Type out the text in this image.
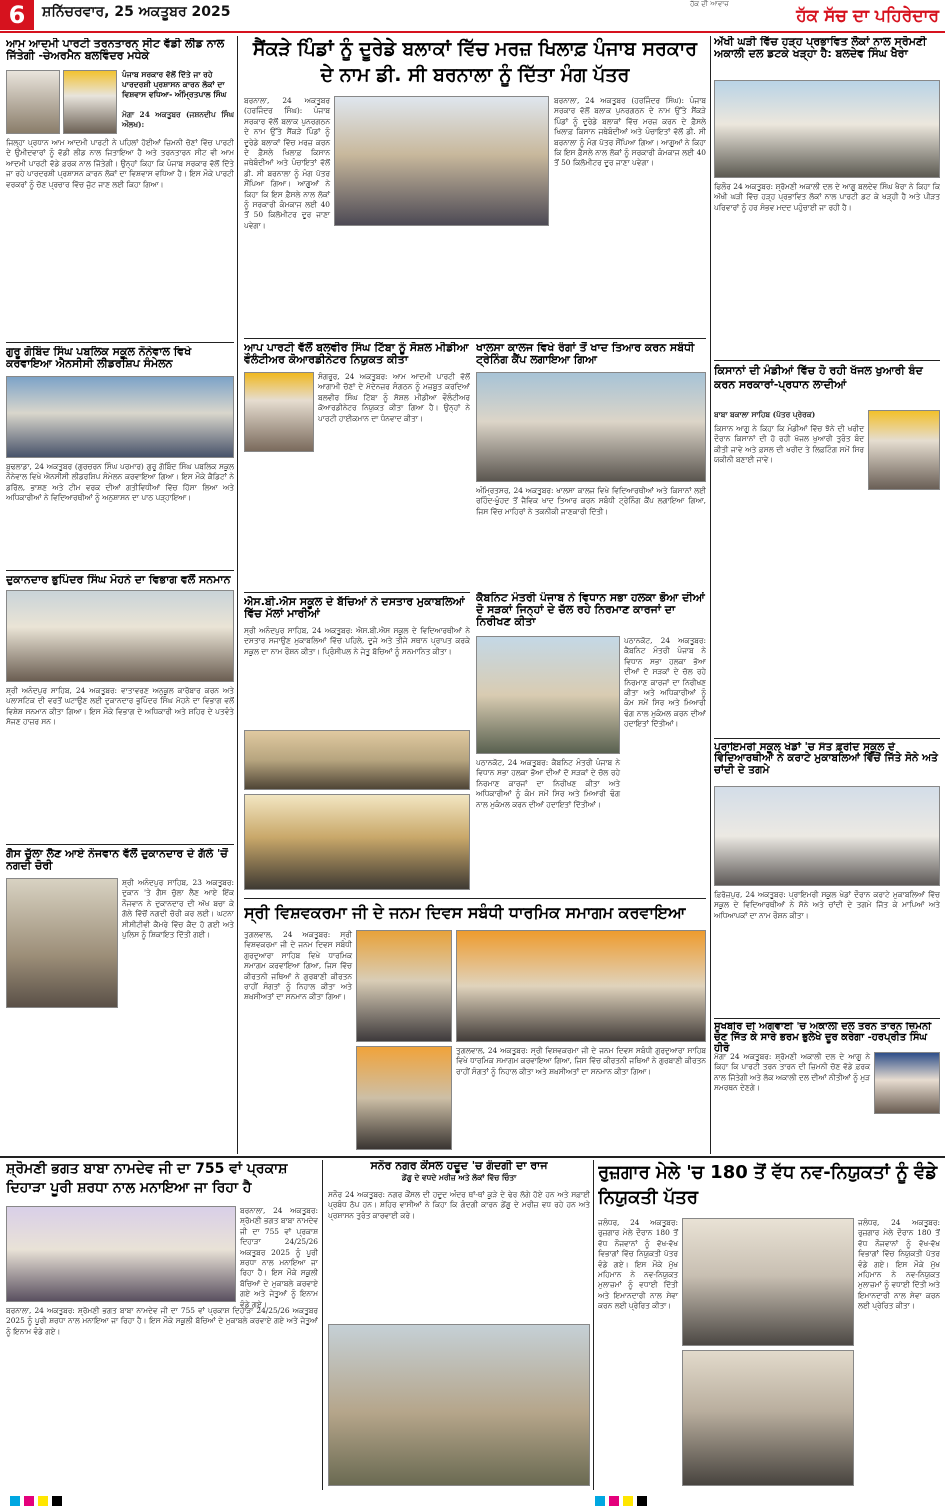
6	ਸ਼ਨਿੱਚਰਵਾਰ, 25 ਅਕਤੂਬਰ 2025	ਹੱਕ ਦੀ ਆਵਾਜ਼
ਹੱਕ ਸੱਚ ਦਾ ਪਹਿਰੇਦਾਰ
ਆਮ ਆਦਮੀ ਪਾਰਟੀ ਤਰਨਤਾਰਨ ਸੀਟ ਵੱਡੀ ਲੀਡ ਨਾਲ ਜਿੱਤੇਗੀ -ਚੇਅਰਮੈਨ ਬਲਵਿੰਦਰ ਮਧੇਕੇ
ਪੰਜਾਬ ਸਰਕਾਰ ਵੱਲੋਂ ਦਿੱਤੇ ਜਾ ਰਹੇ ਪਾਰਦਰਸ਼ੀ ਪ੍ਰਸ਼ਾਸਨ ਕਾਰਨ ਲੋਕਾਂ ਦਾ ਵਿਸ਼ਵਾਸ ਵਧਿਆ- ਅੰਮ੍ਰਿਤਪਾਲ ਸਿੰਘ
ਮੋਗਾ 24 ਅਕਤੂਬਰ (ਜਸ਼ਨਦੀਪ ਸਿੰਘ ਔਲਖ):
ਜਿਲ੍ਹਾ ਪ੍ਰਧਾਨ ਆਮ ਆਦਮੀ ਪਾਰਟੀ ਨੇ ਪਹਿਲਾਂ ਹੋਈਆਂ ਜ਼ਿਮਨੀ ਚੋਣਾਂ ਵਿੱਚ ਪਾਰਟੀ ਦੇ ਉਮੀਦਵਾਰਾਂ ਨੂੰ ਵੱਡੀ ਲੀਡ ਨਾਲ ਜਿਤਾਇਆ ਹੈ ਅਤੇ ਤਰਨਤਾਰਨ ਸੀਟ ਵੀ ਆਮ ਆਦਮੀ ਪਾਰਟੀ ਵੱਡੇ ਫ਼ਰਕ ਨਾਲ ਜਿੱਤੇਗੀ। ਉਨ੍ਹਾਂ ਕਿਹਾ ਕਿ ਪੰਜਾਬ ਸਰਕਾਰ ਵੱਲੋਂ ਦਿੱਤੇ ਜਾ ਰਹੇ ਪਾਰਦਰਸ਼ੀ ਪ੍ਰਸ਼ਾਸਨ ਕਾਰਨ ਲੋਕਾਂ ਦਾ ਵਿਸ਼ਵਾਸ ਵਧਿਆ ਹੈ। ਇਸ ਮੌਕੇ ਪਾਰਟੀ ਵਰਕਰਾਂ ਨੂੰ ਚੋਣ ਪ੍ਰਚਾਰ ਵਿੱਚ ਜੁੱਟ ਜਾਣ ਲਈ ਕਿਹਾ ਗਿਆ।
ਗੁਰੂ ਗੋਬਿੰਦ ਸਿੰਘ ਪਬਲਿਕ ਸਕੂਲ ਨੌਨੇਵਾਲ ਵਿਖੇ ਕਰਵਾਇਆ ਐਨਸੀਸੀ ਲੀਡਰਸ਼ਿਪ ਸੰਮੇਲਨ
ਬੁਢਲਾਡਾ, 24 ਅਕਤੂਬਰ (ਗੁਰਚਰਨ ਸਿੰਘ ਪਰਮਾਰ) ਗੁਰੂ ਗੋਬਿੰਦ ਸਿੰਘ ਪਬਲਿਕ ਸਕੂਲ ਨੌਨੇਵਾਲ ਵਿਖੇ ਐਨਸੀਸੀ ਲੀਡਰਸ਼ਿਪ ਸੰਮੇਲਨ ਕਰਵਾਇਆ ਗਿਆ। ਇਸ ਮੌਕੇ ਕੈਡਿਟਾਂ ਨੇ ਡਰਿੱਲ, ਭਾਸ਼ਣ ਅਤੇ ਟੀਮ ਵਰਕ ਦੀਆਂ ਗਤੀਵਿਧੀਆਂ ਵਿੱਚ ਹਿੱਸਾ ਲਿਆ ਅਤੇ ਅਧਿਕਾਰੀਆਂ ਨੇ ਵਿਦਿਆਰਥੀਆਂ ਨੂੰ ਅਨੁਸ਼ਾਸਨ ਦਾ ਪਾਠ ਪੜ੍ਹਾਇਆ।
ਦੁਕਾਨਦਾਰ ਭੁਪਿੰਦਰ ਸਿੰਘ ਮੋਹਨੇ ਦਾ ਵਿਭਾਗ ਵਲੋਂ ਸਨਮਾਨ
ਸ਼੍ਰੀ ਅਨੰਦਪੁਰ ਸਾਹਿਬ, 24 ਅਕਤੂਬਰ: ਵਾਤਾਵਰਣ ਅਨੁਕੂਲ ਕਾਰੋਬਾਰ ਕਰਨ ਅਤੇ ਪਲਾਸਟਿਕ ਦੀ ਵਰਤੋਂ ਘਟਾਉਣ ਲਈ ਦੁਕਾਨਦਾਰ ਭੁਪਿੰਦਰ ਸਿੰਘ ਮੋਹਨੇ ਦਾ ਵਿਭਾਗ ਵਲੋਂ ਵਿਸ਼ੇਸ਼ ਸਨਮਾਨ ਕੀਤਾ ਗਿਆ। ਇਸ ਮੌਕੇ ਵਿਭਾਗ ਦੇ ਅਧਿਕਾਰੀ ਅਤੇ ਸ਼ਹਿਰ ਦੇ ਪਤਵੰਤੇ ਸੱਜਣ ਹਾਜ਼ਰ ਸਨ।
ਗੈਸ ਚੁੱਲਾ ਲੈਣ ਆਏ ਨੌਜਵਾਨ ਵੱਲੋਂ ਦੁਕਾਨਦਾਰ ਦੇ ਗੱਲੇ 'ਚੋਂ ਨਗਦੀ ਚੋਰੀ
ਸ਼੍ਰੀ ਅਨੰਦਪੁਰ ਸਾਹਿਬ, 23 ਅਕਤੂਬਰ: ਦੁਕਾਨ 'ਤੇ ਗੈਸ ਚੁੱਲਾ ਲੈਣ ਆਏ ਇੱਕ ਨੌਜਵਾਨ ਨੇ ਦੁਕਾਨਦਾਰ ਦੀ ਅੱਖ ਬਚਾ ਕੇ ਗੱਲੇ ਵਿੱਚੋਂ ਨਗਦੀ ਚੋਰੀ ਕਰ ਲਈ। ਘਟਨਾ ਸੀਸੀਟੀਵੀ ਕੈਮਰੇ ਵਿੱਚ ਕੈਦ ਹੋ ਗਈ ਅਤੇ ਪੁਲਿਸ ਨੂੰ ਸ਼ਿਕਾਇਤ ਦਿੱਤੀ ਗਈ।
ਸੈਂਕੜੇ ਪਿੰਡਾਂ ਨੂੰ ਦੂਰੇਡੇ ਬਲਾਕਾਂ ਵਿੱਚ ਮਰਜ਼ ਖਿਲਾਫ਼ ਪੰਜਾਬ ਸਰਕਾਰ ਦੇ ਨਾਮ ਡੀ. ਸੀ ਬਰਨਾਲਾ ਨੂੰ ਦਿੱਤਾ ਮੰਗ ਪੱਤਰ
ਬਰਨਾਲਾ, 24 ਅਕਤੂਬਰ (ਹਰਜਿੰਦਰ ਸਿੰਘ): ਪੰਜਾਬ ਸਰਕਾਰ ਵੱਲੋਂ ਬਲਾਕ ਪੁਨਰਗਠਨ ਦੇ ਨਾਮ ਉੱਤੇ ਸੈਂਕੜੇ ਪਿੰਡਾਂ ਨੂੰ ਦੂਰੇਡੇ ਬਲਾਕਾਂ ਵਿੱਚ ਮਰਜ਼ ਕਰਨ ਦੇ ਫ਼ੈਸਲੇ ਖਿਲਾਫ਼ ਕਿਸਾਨ ਜਥੇਬੰਦੀਆਂ ਅਤੇ ਪੰਚਾਇਤਾਂ ਵੱਲੋਂ ਡੀ. ਸੀ ਬਰਨਾਲਾ ਨੂੰ ਮੰਗ ਪੱਤਰ ਸੌਂਪਿਆ ਗਿਆ। ਆਗੂਆਂ ਨੇ ਕਿਹਾ ਕਿ ਇਸ ਫ਼ੈਸਲੇ ਨਾਲ ਲੋਕਾਂ ਨੂੰ ਸਰਕਾਰੀ ਕੰਮਕਾਜ ਲਈ 40 ਤੋਂ 50 ਕਿਲੋਮੀਟਰ ਦੂਰ ਜਾਣਾ ਪਵੇਗਾ।
ਬਰਨਾਲਾ, 24 ਅਕਤੂਬਰ (ਹਰਜਿੰਦਰ ਸਿੰਘ): ਪੰਜਾਬ ਸਰਕਾਰ ਵੱਲੋਂ ਬਲਾਕ ਪੁਨਰਗਠਨ ਦੇ ਨਾਮ ਉੱਤੇ ਸੈਂਕੜੇ ਪਿੰਡਾਂ ਨੂੰ ਦੂਰੇਡੇ ਬਲਾਕਾਂ ਵਿੱਚ ਮਰਜ਼ ਕਰਨ ਦੇ ਫ਼ੈਸਲੇ ਖਿਲਾਫ਼ ਕਿਸਾਨ ਜਥੇਬੰਦੀਆਂ ਅਤੇ ਪੰਚਾਇਤਾਂ ਵੱਲੋਂ ਡੀ. ਸੀ ਬਰਨਾਲਾ ਨੂੰ ਮੰਗ ਪੱਤਰ ਸੌਂਪਿਆ ਗਿਆ। ਆਗੂਆਂ ਨੇ ਕਿਹਾ ਕਿ ਇਸ ਫ਼ੈਸਲੇ ਨਾਲ ਲੋਕਾਂ ਨੂੰ ਸਰਕਾਰੀ ਕੰਮਕਾਜ ਲਈ 40 ਤੋਂ 50 ਕਿਲੋਮੀਟਰ ਦੂਰ ਜਾਣਾ ਪਵੇਗਾ।
ਆਪ ਪਾਰਟੀ ਵੱਲੋਂ ਬਲਵੀਰ ਸਿੰਘ ਟਿੱਬਾ ਨੂੰ ਸੋਸ਼ਲ ਮੀਡੀਆ ਵੌਲੰਟੀਅਰ ਕੋਆਰਡੀਨੇਟਰ ਨਿਯੁਕਤ ਕੀਤਾ
ਸੰਗਰੂਰ, 24 ਅਕਤੂਬਰ: ਆਮ ਆਦਮੀ ਪਾਰਟੀ ਵੱਲੋਂ ਆਗਾਮੀ ਚੋਣਾਂ ਦੇ ਮੱਦੇਨਜ਼ਰ ਸੰਗਠਨ ਨੂੰ ਮਜ਼ਬੂਤ ਕਰਦਿਆਂ ਬਲਵੀਰ ਸਿੰਘ ਟਿੱਬਾ ਨੂੰ ਸੋਸ਼ਲ ਮੀਡੀਆ ਵੌਲੰਟੀਅਰ ਕੋਆਰਡੀਨੇਟਰ ਨਿਯੁਕਤ ਕੀਤਾ ਗਿਆ ਹੈ। ਉਨ੍ਹਾਂ ਨੇ ਪਾਰਟੀ ਹਾਈਕਮਾਨ ਦਾ ਧੰਨਵਾਦ ਕੀਤਾ।
ਖਾਲਸਾ ਕਾਲਜ ਵਿਖੇ ਰੰਗਾਂ ਤੋਂ ਖਾਦ ਤਿਆਰ ਕਰਨ ਸਬੰਧੀ ਟ੍ਰੇਨਿੰਗ ਕੈਂਪ ਲਗਾਇਆ ਗਿਆ
ਅੰਮ੍ਰਿਤਸਰ, 24 ਅਕਤੂਬਰ: ਖਾਲਸਾ ਕਾਲਜ ਵਿਖੇ ਵਿਦਿਆਰਥੀਆਂ ਅਤੇ ਕਿਸਾਨਾਂ ਲਈ ਰਹਿੰਦ-ਖੂੰਹਦ ਤੋਂ ਜੈਵਿਕ ਖਾਦ ਤਿਆਰ ਕਰਨ ਸਬੰਧੀ ਟ੍ਰੇਨਿੰਗ ਕੈਂਪ ਲਗਾਇਆ ਗਿਆ, ਜਿਸ ਵਿੱਚ ਮਾਹਿਰਾਂ ਨੇ ਤਕਨੀਕੀ ਜਾਣਕਾਰੀ ਦਿੱਤੀ।
ਐਸ.ਬੀ.ਐਸ ਸਕੂਲ ਦੇ ਬੱਚਿਆਂ ਨੇ ਦਸਤਾਰ ਮੁਕਾਬਲਿਆਂ ਵਿੱਚ ਮੱਲਾਂ ਮਾਰੀਆਂ
ਸ੍ਰੀ ਅਨੰਦਪੁਰ ਸਾਹਿਬ, 24 ਅਕਤੂਬਰ: ਐਸ.ਬੀ.ਐਸ ਸਕੂਲ ਦੇ ਵਿਦਿਆਰਥੀਆਂ ਨੇ ਦਸਤਾਰ ਸਜਾਉਣ ਮੁਕਾਬਲਿਆਂ ਵਿੱਚ ਪਹਿਲੇ, ਦੂਜੇ ਅਤੇ ਤੀਜੇ ਸਥਾਨ ਪ੍ਰਾਪਤ ਕਰਕੇ ਸਕੂਲ ਦਾ ਨਾਮ ਰੌਸ਼ਨ ਕੀਤਾ। ਪ੍ਰਿੰਸੀਪਲ ਨੇ ਜੇਤੂ ਬੱਚਿਆਂ ਨੂੰ ਸਨਮਾਨਿਤ ਕੀਤਾ।
ਕੈਬਨਿਟ ਮੰਤਰੀ ਪੰਜਾਬ ਨੇ ਵਿਧਾਨ ਸਭਾ ਹਲਕਾ ਭੋਆ ਦੀਆਂ ਦੋ ਸੜਕਾਂ ਜਿਨ੍ਹਾਂ ਦੇ ਚੱਲ ਰਹੇ ਨਿਰਮਾਣ ਕਾਰਜਾਂ ਦਾ ਨਿਰੀਖਣ ਕੀਤਾ
ਪਠਾਨਕੋਟ, 24 ਅਕਤੂਬਰ: ਕੈਬਨਿਟ ਮੰਤਰੀ ਪੰਜਾਬ ਨੇ ਵਿਧਾਨ ਸਭਾ ਹਲਕਾ ਭੋਆ ਦੀਆਂ ਦੋ ਸੜਕਾਂ ਦੇ ਚੱਲ ਰਹੇ ਨਿਰਮਾਣ ਕਾਰਜਾਂ ਦਾ ਨਿਰੀਖਣ ਕੀਤਾ ਅਤੇ ਅਧਿਕਾਰੀਆਂ ਨੂੰ ਕੰਮ ਸਮੇਂ ਸਿਰ ਅਤੇ ਮਿਆਰੀ ਢੰਗ ਨਾਲ ਮੁਕੰਮਲ ਕਰਨ ਦੀਆਂ ਹਦਾਇਤਾਂ ਦਿੱਤੀਆਂ।
ਪਠਾਨਕੋਟ, 24 ਅਕਤੂਬਰ: ਕੈਬਨਿਟ ਮੰਤਰੀ ਪੰਜਾਬ ਨੇ ਵਿਧਾਨ ਸਭਾ ਹਲਕਾ ਭੋਆ ਦੀਆਂ ਦੋ ਸੜਕਾਂ ਦੇ ਚੱਲ ਰਹੇ ਨਿਰਮਾਣ ਕਾਰਜਾਂ ਦਾ ਨਿਰੀਖਣ ਕੀਤਾ ਅਤੇ ਅਧਿਕਾਰੀਆਂ ਨੂੰ ਕੰਮ ਸਮੇਂ ਸਿਰ ਅਤੇ ਮਿਆਰੀ ਢੰਗ ਨਾਲ ਮੁਕੰਮਲ ਕਰਨ ਦੀਆਂ ਹਦਾਇਤਾਂ ਦਿੱਤੀਆਂ।
ਸ੍ਰੀ ਵਿਸ਼ਵਕਰਮਾ ਜੀ ਦੇ ਜਨਮ ਦਿਵਸ ਸਬੰਧੀ ਧਾਰਮਿਕ ਸਮਾਗਮ ਕਰਵਾਇਆ
ਤੁਗਲਵਾਲ, 24 ਅਕਤੂਬਰ: ਸ੍ਰੀ ਵਿਸ਼ਵਕਰਮਾ ਜੀ ਦੇ ਜਨਮ ਦਿਵਸ ਸਬੰਧੀ ਗੁਰਦੁਆਰਾ ਸਾਹਿਬ ਵਿਖੇ ਧਾਰਮਿਕ ਸਮਾਗਮ ਕਰਵਾਇਆ ਗਿਆ, ਜਿਸ ਵਿੱਚ ਕੀਰਤਨੀ ਜਥਿਆਂ ਨੇ ਗੁਰਬਾਣੀ ਕੀਰਤਨ ਰਾਹੀਂ ਸੰਗਤਾਂ ਨੂੰ ਨਿਹਾਲ ਕੀਤਾ ਅਤੇ ਸ਼ਖ਼ਸੀਅਤਾਂ ਦਾ ਸਨਮਾਨ ਕੀਤਾ ਗਿਆ।
ਤੁਗਲਵਾਲ, 24 ਅਕਤੂਬਰ: ਸ੍ਰੀ ਵਿਸ਼ਵਕਰਮਾ ਜੀ ਦੇ ਜਨਮ ਦਿਵਸ ਸਬੰਧੀ ਗੁਰਦੁਆਰਾ ਸਾਹਿਬ ਵਿਖੇ ਧਾਰਮਿਕ ਸਮਾਗਮ ਕਰਵਾਇਆ ਗਿਆ, ਜਿਸ ਵਿੱਚ ਕੀਰਤਨੀ ਜਥਿਆਂ ਨੇ ਗੁਰਬਾਣੀ ਕੀਰਤਨ ਰਾਹੀਂ ਸੰਗਤਾਂ ਨੂੰ ਨਿਹਾਲ ਕੀਤਾ ਅਤੇ ਸ਼ਖ਼ਸੀਅਤਾਂ ਦਾ ਸਨਮਾਨ ਕੀਤਾ ਗਿਆ।
ਅੱਖੀ ਘੜੀ ਵਿੱਚ ਹੜ੍ਹ ਪ੍ਰਭਾਵਿਤ ਲੋਕਾਂ ਨਾਲ ਸ੍ਰੋਮਣੀ ਅਕਾਲੀ ਦਲ ਡਟਕੇ ਖੜ੍ਹਾ ਹੈ: ਬਲਦੇਵ ਸਿੰਘ ਖੈਰਾ
ਫਿਲੌਰ 24 ਅਕਤੂਬਰ: ਸ਼੍ਰੋਮਣੀ ਅਕਾਲੀ ਦਲ ਦੇ ਆਗੂ ਬਲਦੇਵ ਸਿੰਘ ਖੈਰਾ ਨੇ ਕਿਹਾ ਕਿ ਅੱਖੀ ਘੜੀ ਵਿੱਚ ਹੜ੍ਹ ਪ੍ਰਭਾਵਿਤ ਲੋਕਾਂ ਨਾਲ ਪਾਰਟੀ ਡਟ ਕੇ ਖੜ੍ਹੀ ਹੈ ਅਤੇ ਪੀੜਤ ਪਰਿਵਾਰਾਂ ਨੂੰ ਹਰ ਸੰਭਵ ਮਦਦ ਪਹੁੰਚਾਈ ਜਾ ਰਹੀ ਹੈ।
ਕਿਸਾਨਾਂ ਦੀ ਮੰਡੀਆਂ ਵਿੱਚ ਹੋ ਰਹੀ ਖੱਜਲ ਖੁਆਰੀ ਬੰਦ ਕਰਨ ਸਰਕਾਰਾਂ-ਪ੍ਰਧਾਨ ਲਾਦੀਆਂ
ਬਾਬਾ ਬਕਾਲਾ ਸਾਹਿਬ (ਪੱਤਰ ਪ੍ਰੇਰਕ)
ਕਿਸਾਨ ਆਗੂ ਨੇ ਕਿਹਾ ਕਿ ਮੰਡੀਆਂ ਵਿੱਚ ਝੋਨੇ ਦੀ ਖਰੀਦ ਦੌਰਾਨ ਕਿਸਾਨਾਂ ਦੀ ਹੋ ਰਹੀ ਖੱਜਲ ਖੁਆਰੀ ਤੁਰੰਤ ਬੰਦ ਕੀਤੀ ਜਾਵੇ ਅਤੇ ਫ਼ਸਲ ਦੀ ਖਰੀਦ ਤੇ ਲਿਫ਼ਟਿੰਗ ਸਮੇਂ ਸਿਰ ਯਕੀਨੀ ਬਣਾਈ ਜਾਵੇ।
ਪ੍ਰਾਇਮਰੀ ਸਕੂਲ ਖੇਡਾਂ 'ਚ ਸੰਤ ਫ਼ਰੀਦ ਸਕੂਲ ਦੇ ਵਿਦਿਆਰਥੀਆਂ ਨੇ ਕਰਾਟੇ ਮੁਕਾਬਲਿਆਂ ਵਿੱਚੋਂ ਜਿੱਤੇ ਸੋਨੇ ਅਤੇ ਚਾਂਦੀ ਦੇ ਤਗਮੇ
ਫ਼ਿਰੋਜ਼ਪੁਰ, 24 ਅਕਤੂਬਰ: ਪ੍ਰਾਇਮਰੀ ਸਕੂਲ ਖੇਡਾਂ ਦੌਰਾਨ ਕਰਾਟੇ ਮੁਕਾਬਲਿਆਂ ਵਿੱਚ ਸਕੂਲ ਦੇ ਵਿਦਿਆਰਥੀਆਂ ਨੇ ਸੋਨੇ ਅਤੇ ਚਾਂਦੀ ਦੇ ਤਗਮੇ ਜਿੱਤ ਕੇ ਮਾਪਿਆਂ ਅਤੇ ਅਧਿਆਪਕਾਂ ਦਾ ਨਾਮ ਰੌਸ਼ਨ ਕੀਤਾ।
ਸੁਖਬੀਰ ਦੀ ਅਗਵਾਈ 'ਚ ਅਕਾਲੀ ਦਲ ਤਰਨ ਤਾਰਨ ਜ਼ਿਮਨੀ ਚੋਣ ਜਿੱਤ ਕੇ ਸਾਰੇ ਭਰਮ ਭੁਲੇਖੇ ਦੂਰ ਕਰੇਗਾ -ਹਰਪ੍ਰੀਤ ਸਿੰਘ ਹੀਰੋ
ਮੋਗਾ 24 ਅਕਤੂਬਰ: ਸ਼੍ਰੋਮਣੀ ਅਕਾਲੀ ਦਲ ਦੇ ਆਗੂ ਨੇ ਕਿਹਾ ਕਿ ਪਾਰਟੀ ਤਰਨ ਤਾਰਨ ਦੀ ਜ਼ਿਮਨੀ ਚੋਣ ਵੱਡੇ ਫ਼ਰਕ ਨਾਲ ਜਿੱਤੇਗੀ ਅਤੇ ਲੋਕ ਅਕਾਲੀ ਦਲ ਦੀਆਂ ਨੀਤੀਆਂ ਨੂੰ ਮੁੜ ਸਮਰਥਨ ਦੇਣਗੇ।
ਸ਼੍ਰੋਮਣੀ ਭਗਤ ਬਾਬਾ ਨਾਮਦੇਵ ਜੀ ਦਾ 755 ਵਾਂ ਪ੍ਰਕਾਸ਼ ਦਿਹਾੜਾ ਪੂਰੀ ਸ਼ਰਧਾ ਨਾਲ ਮਨਾਇਆ ਜਾ ਰਿਹਾ ਹੈ
ਬਰਨਾਲਾ, 24 ਅਕਤੂਬਰ: ਸ਼੍ਰੋਮਣੀ ਭਗਤ ਬਾਬਾ ਨਾਮਦੇਵ ਜੀ ਦਾ 755 ਵਾਂ ਪ੍ਰਕਾਸ਼ ਦਿਹਾੜਾ 24/25/26 ਅਕਤੂਬਰ 2025 ਨੂੰ ਪੂਰੀ ਸ਼ਰਧਾ ਨਾਲ ਮਨਾਇਆ ਜਾ ਰਿਹਾ ਹੈ। ਇਸ ਮੌਕੇ ਸਕੂਲੀ ਬੱਚਿਆਂ ਦੇ ਮੁਕਾਬਲੇ ਕਰਵਾਏ ਗਏ ਅਤੇ ਜੇਤੂਆਂ ਨੂੰ ਇਨਾਮ ਵੰਡੇ ਗਏ।
ਬਰਨਾਲਾ, 24 ਅਕਤੂਬਰ: ਸ਼੍ਰੋਮਣੀ ਭਗਤ ਬਾਬਾ ਨਾਮਦੇਵ ਜੀ ਦਾ 755 ਵਾਂ ਪ੍ਰਕਾਸ਼ ਦਿਹਾੜਾ 24/25/26 ਅਕਤੂਬਰ 2025 ਨੂੰ ਪੂਰੀ ਸ਼ਰਧਾ ਨਾਲ ਮਨਾਇਆ ਜਾ ਰਿਹਾ ਹੈ। ਇਸ ਮੌਕੇ ਸਕੂਲੀ ਬੱਚਿਆਂ ਦੇ ਮੁਕਾਬਲੇ ਕਰਵਾਏ ਗਏ ਅਤੇ ਜੇਤੂਆਂ ਨੂੰ ਇਨਾਮ ਵੰਡੇ ਗਏ।
ਸਨੌਰ ਨਗਰ ਕੌਂਸਲ ਹਦੂਦ 'ਚ ਗੰਦਗੀ ਦਾ ਰਾਜ
ਡੇਂਗੂ ਦੇ ਵਧਦੇ ਮਰੀਜ਼ ਅਤੇ ਲੋਕਾਂ ਵਿੱਚ ਚਿੰਤਾ
ਸਨੌਰ 24 ਅਕਤੂਬਰ: ਨਗਰ ਕੌਂਸਲ ਦੀ ਹਦੂਦ ਅੰਦਰ ਥਾਂ-ਥਾਂ ਕੂੜੇ ਦੇ ਢੇਰ ਲੱਗੇ ਹੋਏ ਹਨ ਅਤੇ ਸਫ਼ਾਈ ਪ੍ਰਬੰਧ ਠੱਪ ਹਨ। ਸ਼ਹਿਰ ਵਾਸੀਆਂ ਨੇ ਕਿਹਾ ਕਿ ਗੰਦਗੀ ਕਾਰਨ ਡੇਂਗੂ ਦੇ ਮਰੀਜ਼ ਵਧ ਰਹੇ ਹਨ ਅਤੇ ਪ੍ਰਸ਼ਾਸਨ ਤੁਰੰਤ ਕਾਰਵਾਈ ਕਰੇ।
ਰੁਜ਼ਗਾਰ ਮੇਲੇ 'ਚ 180 ਤੋਂ ਵੱਧ ਨਵ-ਨਿਯੁਕਤਾਂ ਨੂੰ ਵੰਡੇ ਨਿਯੁਕਤੀ ਪੱਤਰ
ਜਲੰਧਰ, 24 ਅਕਤੂਬਰ: ਰੁਜ਼ਗਾਰ ਮੇਲੇ ਦੌਰਾਨ 180 ਤੋਂ ਵੱਧ ਨੌਜਵਾਨਾਂ ਨੂੰ ਵੱਖ-ਵੱਖ ਵਿਭਾਗਾਂ ਵਿੱਚ ਨਿਯੁਕਤੀ ਪੱਤਰ ਵੰਡੇ ਗਏ। ਇਸ ਮੌਕੇ ਮੁੱਖ ਮਹਿਮਾਨ ਨੇ ਨਵ-ਨਿਯੁਕਤ ਮੁਲਾਜ਼ਮਾਂ ਨੂੰ ਵਧਾਈ ਦਿੱਤੀ ਅਤੇ ਇਮਾਨਦਾਰੀ ਨਾਲ ਸੇਵਾ ਕਰਨ ਲਈ ਪ੍ਰੇਰਿਤ ਕੀਤਾ।
ਜਲੰਧਰ, 24 ਅਕਤੂਬਰ: ਰੁਜ਼ਗਾਰ ਮੇਲੇ ਦੌਰਾਨ 180 ਤੋਂ ਵੱਧ ਨੌਜਵਾਨਾਂ ਨੂੰ ਵੱਖ-ਵੱਖ ਵਿਭਾਗਾਂ ਵਿੱਚ ਨਿਯੁਕਤੀ ਪੱਤਰ ਵੰਡੇ ਗਏ। ਇਸ ਮੌਕੇ ਮੁੱਖ ਮਹਿਮਾਨ ਨੇ ਨਵ-ਨਿਯੁਕਤ ਮੁਲਾਜ਼ਮਾਂ ਨੂੰ ਵਧਾਈ ਦਿੱਤੀ ਅਤੇ ਇਮਾਨਦਾਰੀ ਨਾਲ ਸੇਵਾ ਕਰਨ ਲਈ ਪ੍ਰੇਰਿਤ ਕੀਤਾ।
